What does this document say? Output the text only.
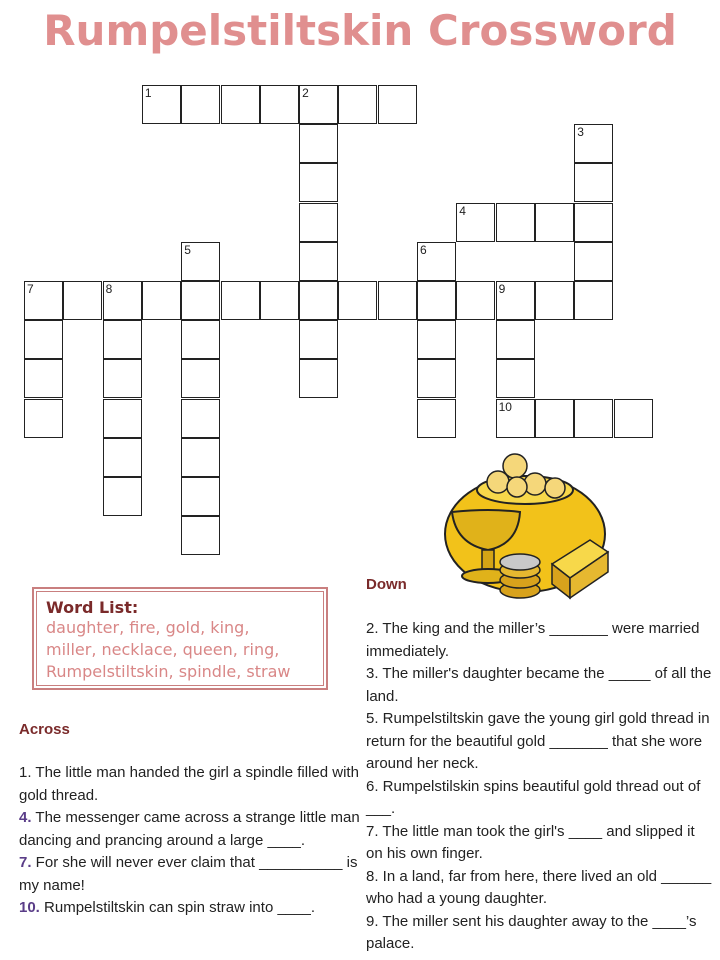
Rumpelstiltskin Crossword
1	2
3
4
5	6
7	8	9
10
Word List:
daughter, fire, gold, king,
miller, necklace, queen, ring,
Rumpelstiltskin, spindle, straw
Across
1. The little man handed the girl a spindle filled with gold thread.
4. The messenger came across a strange little man dancing and prancing around a large ____.
7. For she will never ever claim that __________ is my name!
10. Rumpelstiltskin can spin straw into ____.
Down
2. The king and the miller’s _______ were married immediately.
3. The miller's daughter became the _____ of all the land.
5. Rumpelstiltskin gave the young girl gold thread in return for the beautiful gold _______ that she wore around her neck.
6. Rumpelstilskin spins beautiful gold thread out of ___.
7. The little man took the girl's ____ and slipped it on his own finger.
8. In a land, far from here, there lived an old ______ who had a young daughter.
9. The miller sent his daughter away to the ____’s palace.
